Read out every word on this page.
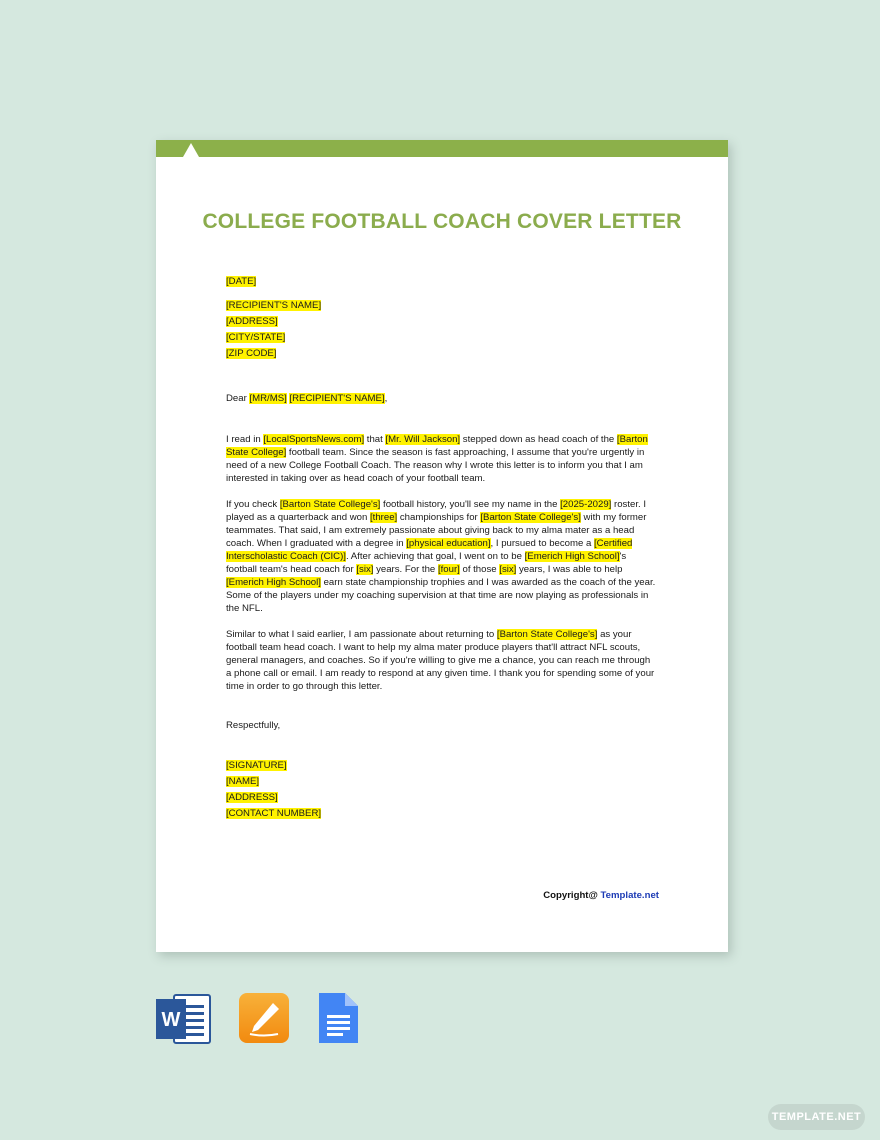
COLLEGE FOOTBALL COACH COVER LETTER
[DATE]
[RECIPIENT'S NAME]
[ADDRESS]
[CITY/STATE]
[ZIP CODE]
Dear [MR/MS] [RECIPIENT'S NAME],

I read in [LocalSportsNews.com] that [Mr. Will Jackson] stepped down as head coach of the [Barton State College] football team. Since the season is fast approaching, I assume that you're urgently in need of a new College Football Coach. The reason why I wrote this letter is to inform you that I am interested in taking over as head coach of your football team.

If you check [Barton State College's] football history, you'll see my name in the [2025-2029] roster. I played as a quarterback and won [three] championships for [Barton State College's] with my former teammates. That said, I am extremely passionate about giving back to my alma mater as a head coach. When I graduated with a degree in [physical education], I pursued to become a [Certified Interscholastic Coach (CIC)]. After achieving that goal, I went on to be [Emerich High School]'s football team's head coach for [six] years. For the [four] of those [six] years, I was able to help [Emerich High School] earn state championship trophies and I was awarded as the coach of the year. Some of the players under my coaching supervision at that time are now playing as professionals in the NFL.

Similar to what I said earlier, I am passionate about returning to [Barton State College's] as your football team head coach. I want to help my alma mater produce players that'll attract NFL scouts, general managers, and coaches. So if you're willing to give me a chance, you can reach me through a phone call or email. I am ready to respond at any given time. I thank you for spending some of your time in order to go through this letter.

Respectfully,
[SIGNATURE]
[NAME]
[ADDRESS]
[CONTACT NUMBER]
Copyright@ Template.net
W
TEMPLATE.NET
